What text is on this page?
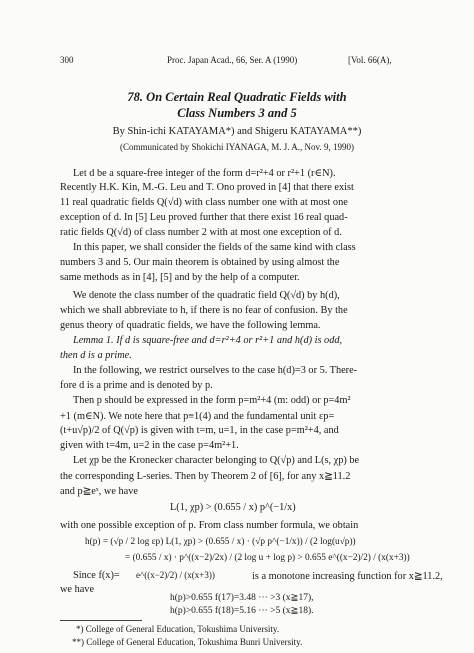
300	Proc. Japan Acad., 66, Ser. A (1990)	[Vol. 66(A),
78. On Certain Real Quadratic Fields with
Class Numbers 3 and 5
By Shin-ichi KATAYAMA*) and Shigeru KATAYAMA**)
(Communicated by Shokichi IYANAGA, M. J. A., Nov. 9, 1990)
Let d be a square-free integer of the form d=r²+4 or r²+1 (r∈N).
Recently H.K. Kin, M.-G. Leu and T. Ono proved in [4] that there exist
11 real quadratic fields Q(√d) with class number one with at most one
exception of d. In [5] Leu proved further that there exist 16 real quad-
ratic fields Q(√d) of class number 2 with at most one exception of d.
In this paper, we shall consider the fields of the same kind with class
numbers 3 and 5. Our main theorem is obtained by using almost the
same methods as in [4], [5] and by the help of a computer.
We denote the class number of the quadratic field Q(√d) by h(d),
which we shall abbreviate to h, if there is no fear of confusion. By the
genus theory of quadratic fields, we have the following lemma.
Lemma 1. If d is square-free and d=r²+4 or r²+1 and h(d) is odd,
then d is a prime.
In the following, we restrict ourselves to the case h(d)=3 or 5. There-
fore d is a prime and is denoted by p.
Then p should be expressed in the form p=m²+4 (m: odd) or p=4m²
+1 (m∈N). We note here that p≡1(4) and the fundamental unit εp=
(t+u√p)/2 of Q(√p) is given with t=m, u=1, in the case p=m²+4, and
given with t=4m, u=2 in the case p=4m²+1.
Let χp be the Kronecker character belonging to Q(√p) and L(s, χp) be
the corresponding L-series. Then by Theorem 2 of [6], for any x≧11.2
and p≧eˣ, we have
L(1, χp) > (0.655 / x) p^(−1/x)
with one possible exception of p. From class number formula, we obtain
h(p) = (√p / 2 log εp) L(1, χp) > (0.655 / x) · (√p p^(−1/x)) / (2 log(u√p))
= (0.655 / x) · p^((x−2)/2x) / (2 log u + log p) > 0.655 e^((x−2)/2) / (x(x+3))
Since f(x)= e^((x−2)/2) / (x(x+3))	is a monotone increasing function for x≧11.2,
we have
h(p)>0.655 f(17)=3.48 ··· >3 (x≧17),
h(p)>0.655 f(18)=5.16 ··· >5 (x≧18).
*) College of General Education, Tokushima University.
**) College of General Education, Tokushima Bunri University.
